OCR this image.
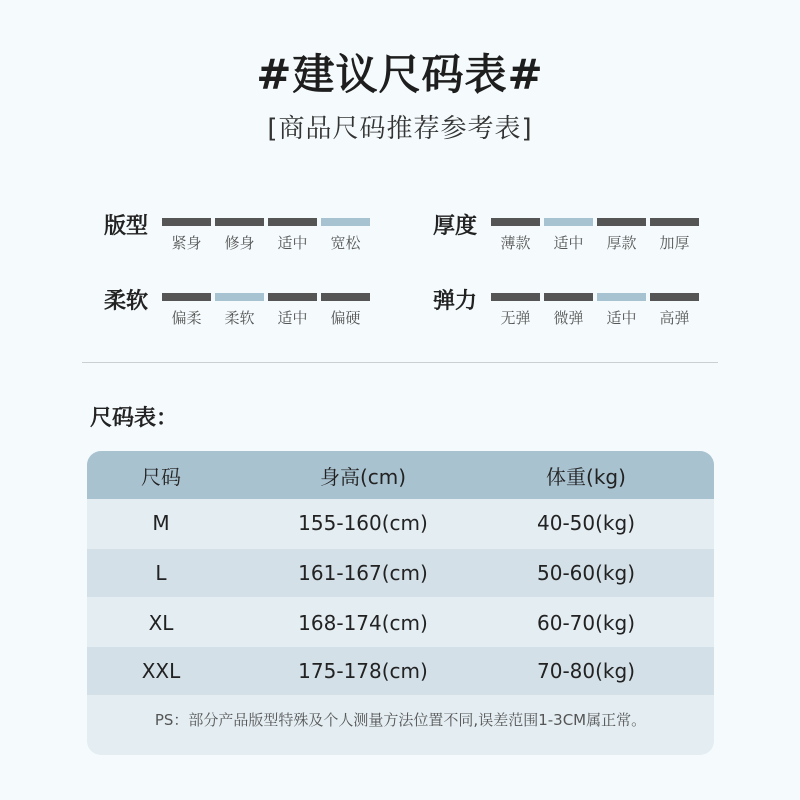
#建议尺码表#
[商品尺码推荐参考表]
版型
紧身	修身	适中	宽松
厚度
薄款	适中	厚款	加厚
柔软
偏柔	柔软	适中	偏硬
弹力
无弹	微弹	适中	高弹
尺码表：
尺码	身高(cm)	体重(kg)
M	155-160(cm)	40-50(kg)
L	161-167(cm)	50-60(kg)
XL	168-174(cm)	60-70(kg)
XXL	175-178(cm)	70-80(kg)
PS：部分产品版型特殊及个人测量方法位置不同,误差范围1-3CM属正常。
